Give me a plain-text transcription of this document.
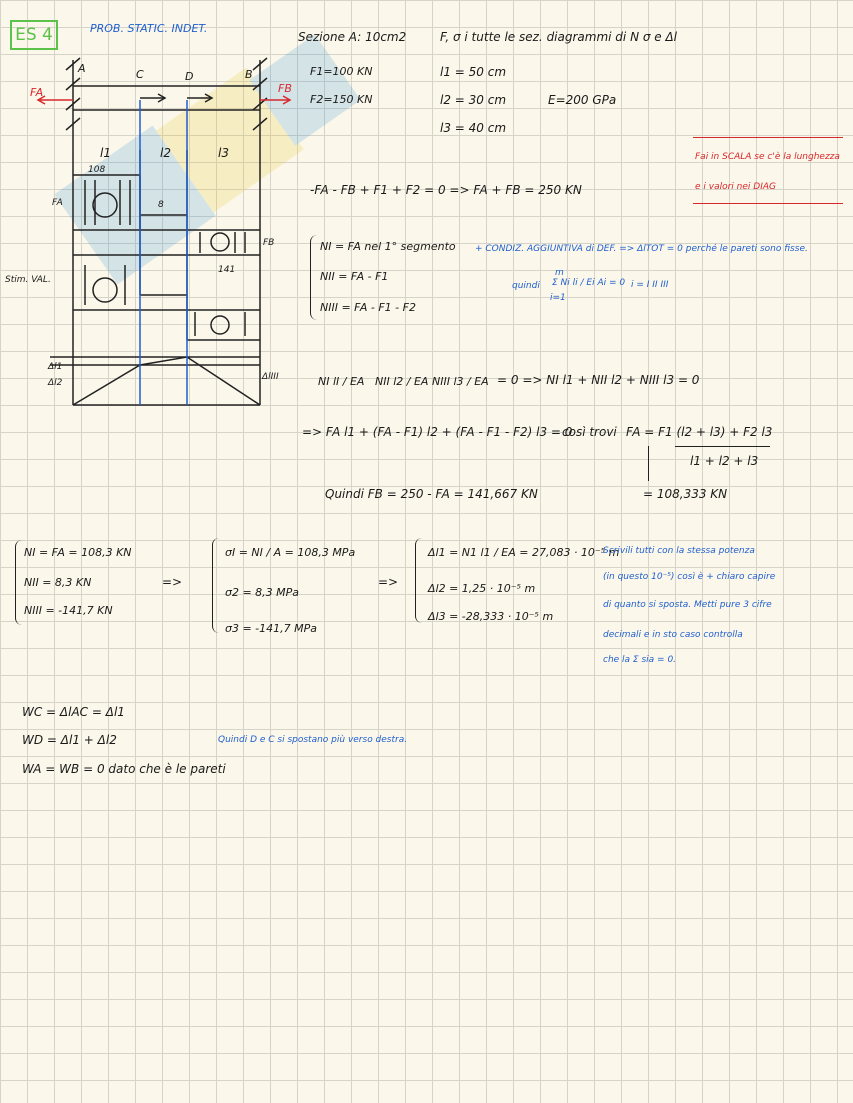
ES 4	PROB. STATIC. INDET.
Sezione A: 10cm2	F, σ i tutte le sez. diagrammi di N σ e Δl
F1=100 KN
F2=150 KN
l1 = 50 cm
l2 = 30 cm
l3 = 40 cm
E=200 GPa
Fai in SCALA se c'è la lunghezza
e i valori nei DIAG
A	C	D	B
FA	FB
l1	l2	l3
108
8
141
FA
FB
Stim. VAL.
Δl1
Δl2
ΔlIII
-FA - FB + F1 + F2 = 0 => FA + FB = 250 KN
NI = FA nel 1° segmento
NII = FA - F1
NIII = FA - F1 - F2
+ CONDIZ. AGGIUNTIVA di DEF. => ΔlTOT = 0 perché le pareti sono fisse.
quindi Σ Ni li / Ei Ai = 0 i = I II III
m
i=1
NI lI / EA NII l2 / EA NIII l3 / EA = 0 => NI l1 + NII l2 + NIII l3 = 0
=> FA l1 + (FA - F1) l2 + (FA - F1 - F2) l3 = 0
così trovi FA = F1 (l2 + l3) + F2 l3
l1 + l2 + l3
= 108,333 KN
Quindi FB = 250 - FA = 141,667 KN
NI = FA = 108,3 KN
NII = 8,3 KN
NIII = -141,7 KN
=>
σI = NI / A = 108,3 MPa
σ2 = 8,3 MPa
σ3 = -141,7 MPa
=>
Δl1 = N1 l1 / EA = 27,083 · 10⁻⁵ m
Δl2 = 1,25 · 10⁻⁵ m
Δl3 = -28,333 · 10⁻⁵ m
Scrivili tutti con la stessa potenza
(in questo 10⁻⁵) così è + chiaro capire
di quanto si sposta. Metti pure 3 cifre
decimali e in sto caso controlla
che la Σ sia = 0.
WC = ΔlAC = Δl1
WD = Δl1 + Δl2
WA = WB = 0 dato che è le pareti
Quindi D e C si spostano più verso destra.
